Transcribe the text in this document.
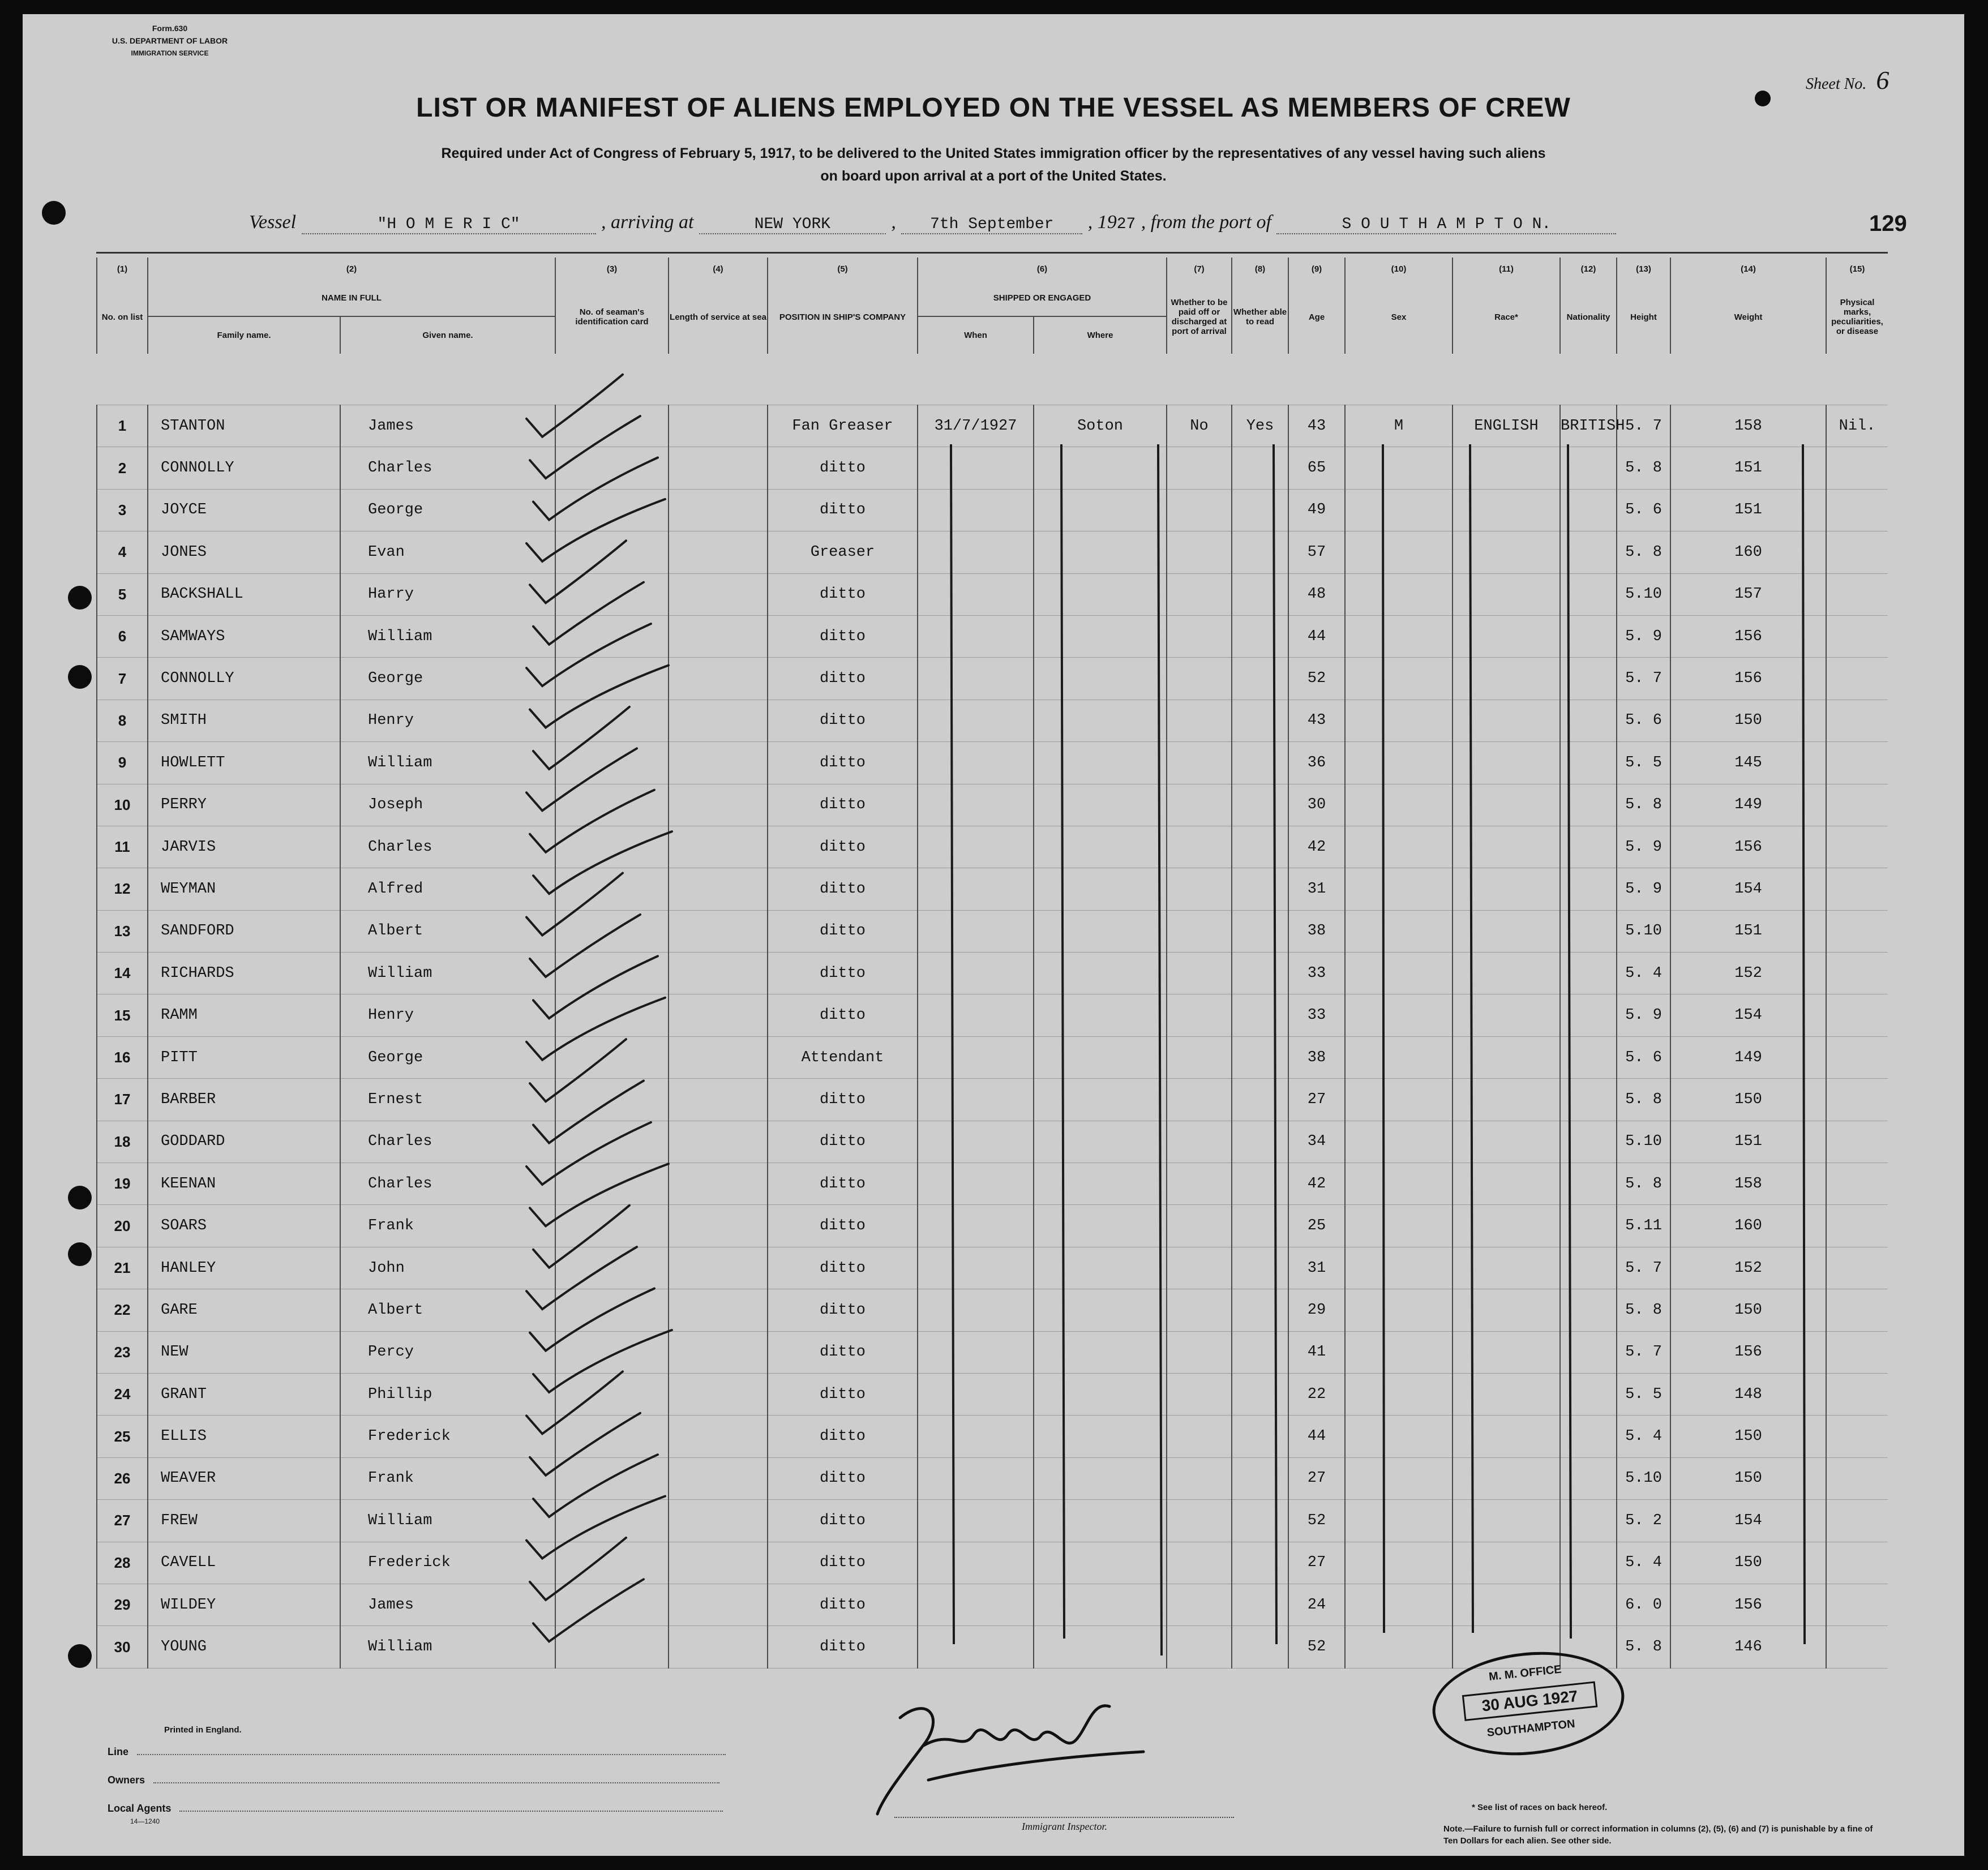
Form.630
U.S. DEPARTMENT OF LABOR
IMMIGRATION SERVICE
Sheet No. 6
LIST OR MANIFEST OF ALIENS EMPLOYED ON THE VESSEL AS MEMBERS OF CREW
Required under Act of Congress of February 5, 1917, to be delivered to the United States immigration officer by the representatives of any vessel having such aliens
on board upon arrival at a port of the United States.
Vessel	"H O M E R I C"	, arriving at	NEW YORK	, 7th September , 1927 , from the port of	S O U T H A M P T O N.	129
(1)	(2)		(3)	(4)	(5)	(6)		(7)	(8)	(9)	(10)	(11)	(12)	(13)	(14)	(15)
No. on list	NAME IN FULL		No. of seaman's identification card	Length of service at sea	POSITION IN SHIP'S COMPANY	SHIPPED OR ENGAGED		Whether to be paid off or discharged at port of arrival	Whether able to read	Age	Sex	Race*	Nationality	Height	Weight	Physical marks, peculiarities, or disease
	Family name.	Given name.				When	Where									

1	STANTON	James			Fan Greaser	31/7/1927	Soton	No	Yes	43	M	ENGLISH	BRITISH	5. 7	158	Nil.
2	CONNOLLY	Charles			ditto					65				5. 8	151	
3	JOYCE	George			ditto					49				5. 6	151	
4	JONES	Evan			Greaser					57				5. 8	160	
5	BACKSHALL	Harry			ditto					48				5.10	157	
6	SAMWAYS	William			ditto					44				5. 9	156	
7	CONNOLLY	George			ditto					52				5. 7	156	
8	SMITH	Henry			ditto					43				5. 6	150	
9	HOWLETT	William			ditto					36				5. 5	145	
10	PERRY	Joseph			ditto					30				5. 8	149	
11	JARVIS	Charles			ditto					42				5. 9	156	
12	WEYMAN	Alfred			ditto					31				5. 9	154	
13	SANDFORD	Albert			ditto					38				5.10	151	
14	RICHARDS	William			ditto					33				5. 4	152	
15	RAMM	Henry			ditto					33				5. 9	154	
16	PITT	George			Attendant					38				5. 6	149	
17	BARBER	Ernest			ditto					27				5. 8	150	
18	GODDARD	Charles			ditto					34				5.10	151	
19	KEENAN	Charles			ditto					42				5. 8	158	
20	SOARS	Frank			ditto					25				5.11	160	
21	HANLEY	John			ditto					31				5. 7	152	
22	GARE	Albert			ditto					29				5. 8	150	
23	NEW	Percy			ditto					41				5. 7	156	
24	GRANT	Phillip			ditto					22				5. 5	148	
25	ELLIS	Frederick			ditto					44				5. 4	150	
26	WEAVER	Frank			ditto					27				5.10	150	
27	FREW	William			ditto					52				5. 2	154	
28	CAVELL	Frederick			ditto					27				5. 4	150	
29	WILDEY	James			ditto					24				6. 0	156	
30	YOUNG	William			ditto					52				5. 8	146	
Printed in England.
Line
Owners
Local Agents
14—1240	Immigrant Inspector.
* See list of races on back hereof.
Note.—Failure to furnish full or correct information in columns (2), (5), (6) and (7) is punishable by a fine of Ten Dollars for each alien. See other side.
M. M. OFFICE
30 AUG 1927
SOUTHAMPTON
